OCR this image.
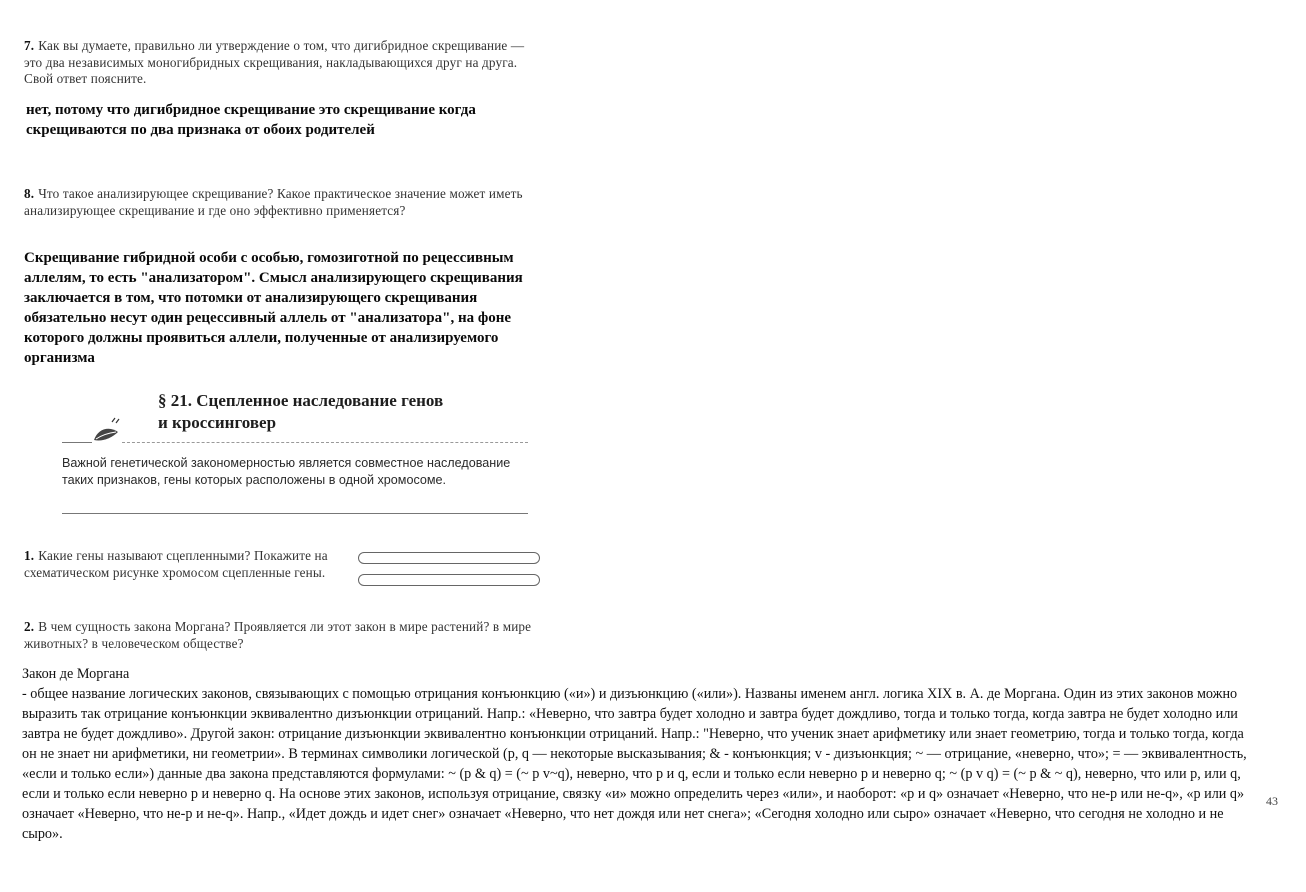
7. Как вы думаете, правильно ли утверждение о том, что дигибридное скрещивание — это два независимых моногибридных скрещивания, накладывающихся друг на друга. Свой ответ поясните.
нет, потому что дигибридное скрещивание это скрещивание когда скрещиваются по два признака от обоих родителей
8. Что такое анализирующее скрещивание? Какое практическое значение может иметь анализирующее скрещивание и где оно эффективно применяется?
Скрещивание гибридной особи с особью, гомозиготной по рецессивным аллелям, то есть "анализатором". Смысл анализирующего скрещивания заключается в том, что потомки от анализирующего скрещивания обязательно несут один рецессивный аллель от "анализатора", на фоне которого должны проявиться аллели, полученные от анализируемого организма
§ 21. Сцепленное наследование генов
и кроссинговер
Важной генетической закономерностью является совместное наследование таких признаков, гены которых расположены в одной хромосоме.
1. Какие гены называют сцепленными? Покажите на схематическом рисунке хромосом сцепленные гены.
2. В чем сущность закона Моргана? Проявляется ли этот закон в мире растений? в мире животных? в человеческом обществе?

Закон де Моргана

- общее название логических законов, связывающих с помощью отрицания конъюнкцию («и») и дизъюнкцию («или»). Названы именем англ. логика XIX в. А. де Моргана. Один из этих законов можно выразить так отрицание конъюнкции эквивалентно дизъюнкции отрицаний. Напр.: «Неверно, что завтра будет холодно и завтра будет дождливо, тогда и только тогда, когда завтра не будет холодно или завтра не будет дождливо». Другой закон: отрицание дизъюнкции эквивалентно конъюнкции отрицаний. Напр.: "Неверно, что ученик знает арифметику или знает геометрию, тогда и только тогда, когда он не знает ни арифметики, ни геометрии». В терминах символики логической (p, q — некоторые высказывания; & - конъюнкция; v - дизъюнкция; ~ — отрицание, «неверно, что»; = — эквивалентность, «если и только если») данные два закона представляются формулами: ~ (p & q) = (~ p v~q), неверно, что p и q, если и только если неверно p и неверно q; ~ (p v q) = (~ p & ~ q), неверно, что или p, или q, если и только если неверно p и неверно q. На основе этих законов, используя отрицание, связку «и» можно определить через «или», и наоборот: «p и q» означает «Неверно, что не-р или не-q», «p или q» означает «Неверно, что не-р и не-q». Напр., «Идет дождь и идет снег» означает «Неверно, что нет дождя или нет снега»; «Сегодня холодно или сыро» означает «Неверно, что сегодня не холодно и не сыро».

43
